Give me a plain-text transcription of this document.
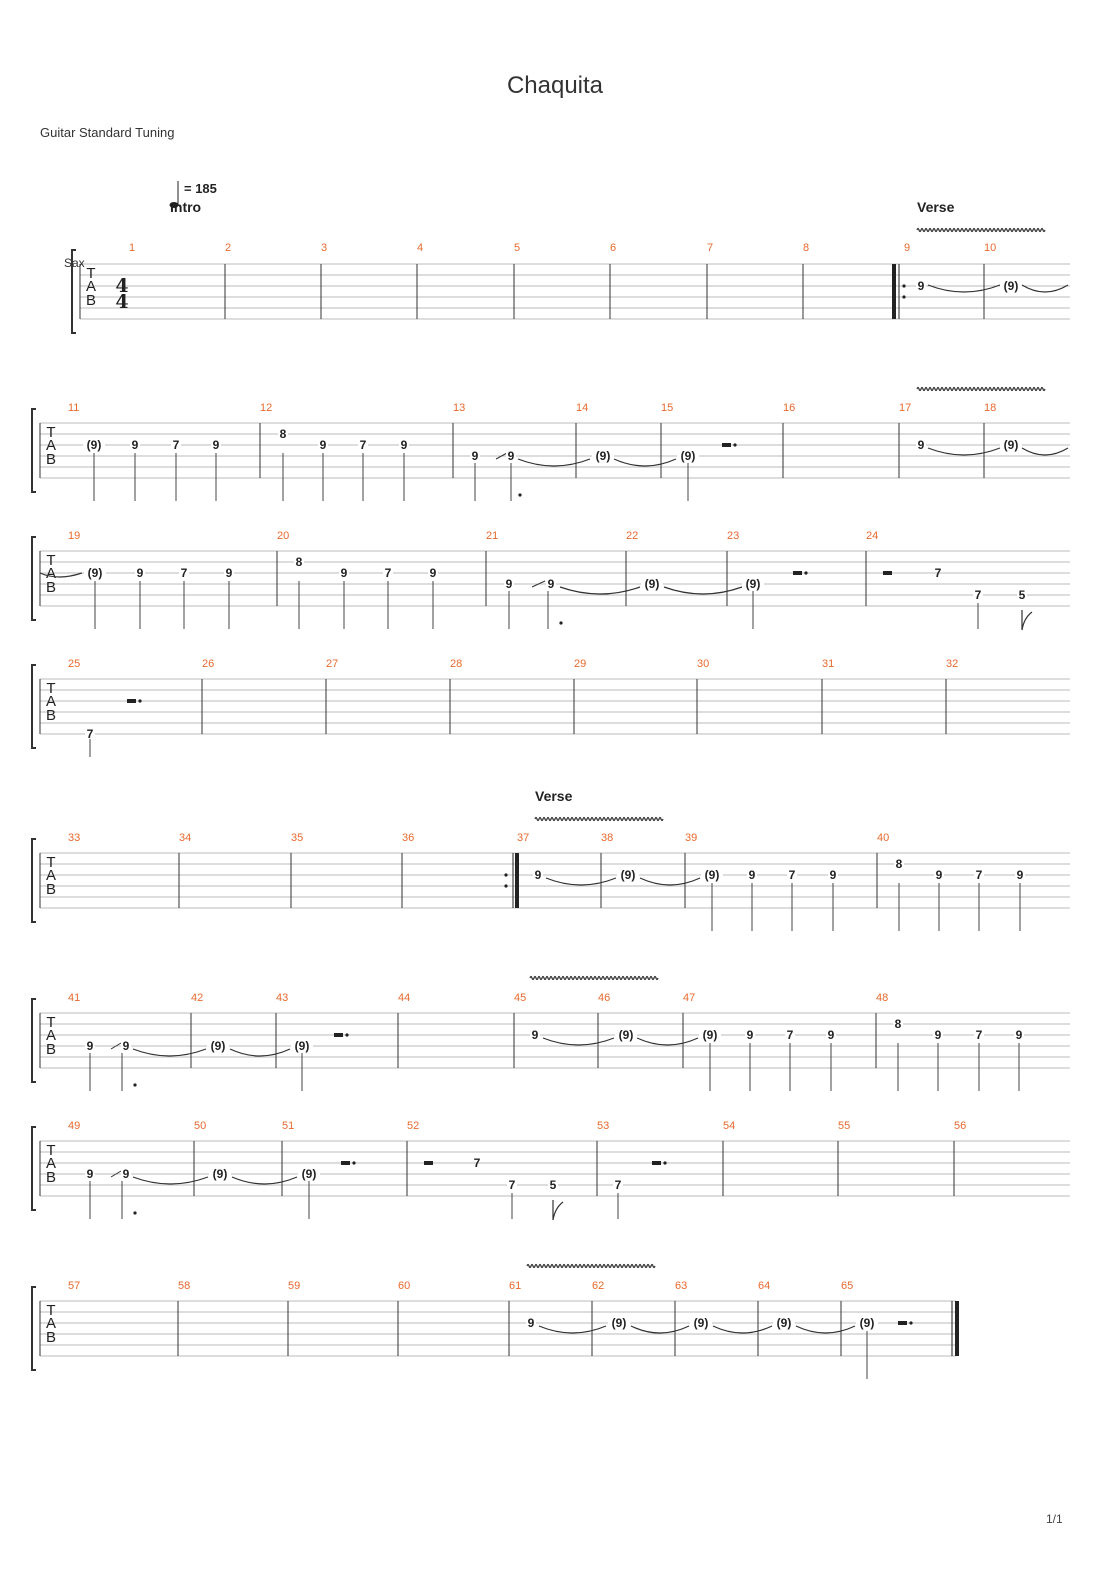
Chaquita
Guitar Standard Tuning
1/1
T
A
B
Sax
4
4
= 185
Intro	Verse
1	2	3	4	5	6	7	8	9	10
9	(9)
T
A
B
11	12	13	14	15	16	17	18
(9)	9	7	9
8
9	7	9
9 9	(9)	(9)
9	(9)
T
A
B
19	20	21	22	23	24
(9)	9	7	9
8
9	7	9
9	9	(9)	(9)
7
7	5
T
A
B
25	26	27	28	29	30	31	32
7
T
A
B
Verse
33	34	35	36	37	38	39	40
9	(9)	(9) 9	7	9
8
9	7	9
T
A
B
41	42	43	44	45	46	47	48
9 9	(9)	(9)
9	(9)	(9) 9	7	9
8
9	7	9
T
A
B
49	50	51	52	53	54	55	56
9 9	(9)	(9)
7
7	5	7
T
A
B
57	58	59	60	61	62	63	64	65
9	(9)	(9)	(9)	(9)
